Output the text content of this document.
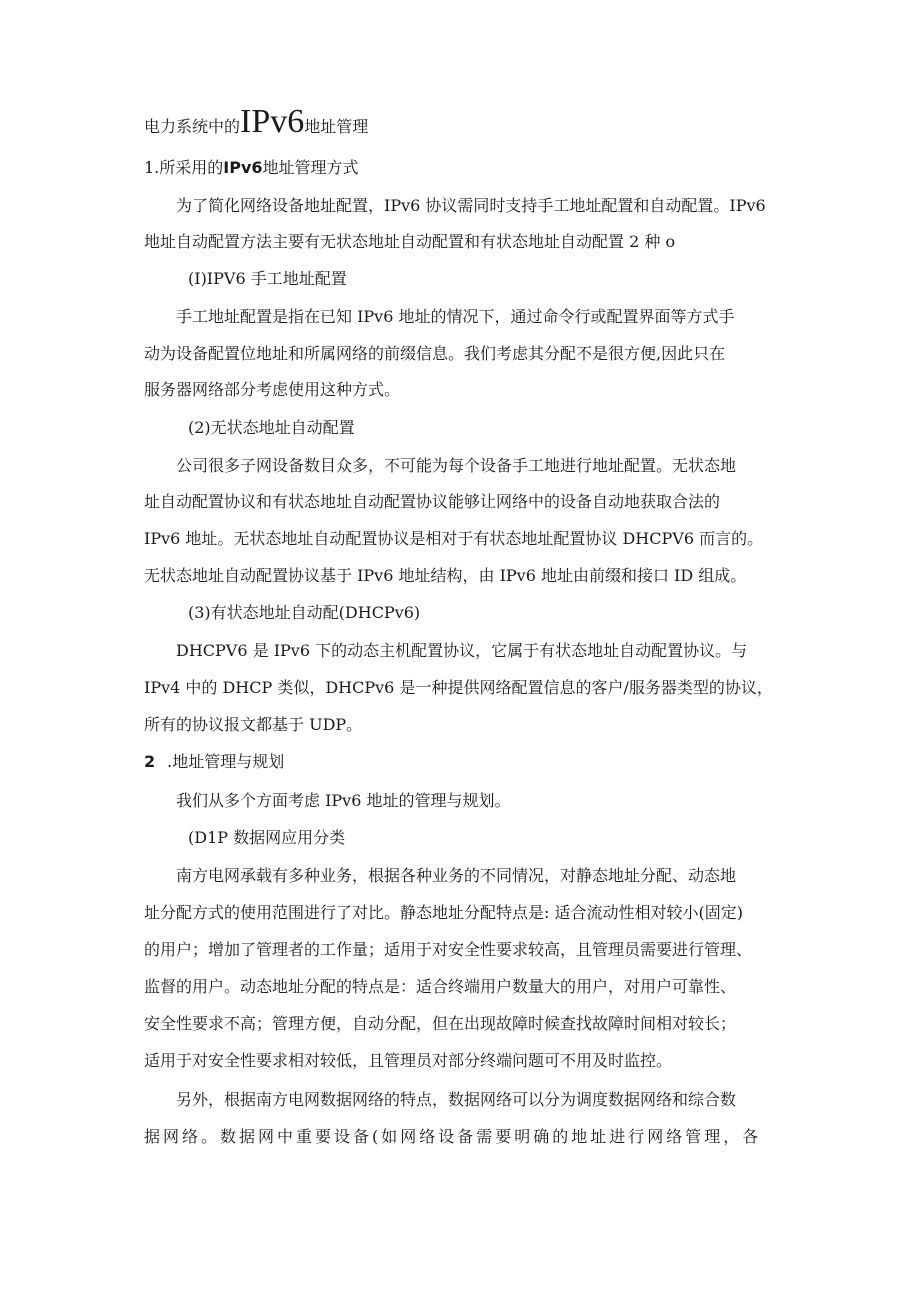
电力系统中的IPv6地址管理

1.所采用的IPv6地址管理方式

为了简化网络设备地址配置，IPv6 协议需同时支持手工地址配置和自动配置。IPv6

地址自动配置方法主要有无状态地址自动配置和有状态地址自动配置 2 种 o

(I)IPV6 手工地址配置

手工地址配置是指在已知 IPv6 地址的情况下，通过命令行或配置界面等方式手

动为设备配置位地址和所属网络的前缀信息。我们考虑其分配不是很方便,因此只在

服务器网络部分考虑使用这种方式。

(2)无状态地址自动配置

公司很多子网设备数目众多，不可能为每个设备手工地进行地址配置。无状态地

址自动配置协议和有状态地址自动配置协议能够让网络中的设备自动地获取合法的

IPv6 地址。无状态地址自动配置协议是相对于有状态地址配置协议 DHCPV6 而言的。

无状态地址自动配置协议基于 IPv6 地址结构，由 IPv6 地址由前缀和接口 ID 组成。

(3)有状态地址自动配(DHCPv6)

DHCPV6 是 IPv6 下的动态主机配置协议，它属于有状态地址自动配置协议。与

IPv4 中的 DHCP 类似，DHCPv6 是一种提供网络配置信息的客户/服务器类型的协议，

所有的协议报文都基于 UDP。

2 .地址管理与规划

我们从多个方面考虑 IPv6 地址的管理与规划。

(D1P 数据网应用分类

南方电网承载有多种业务，根据各种业务的不同情况，对静态地址分配、动态地

址分配方式的使用范围进行了对比。静态地址分配特点是: 适合流动性相对较小(固定)

的用户；增加了管理者的工作量；适用于对安全性要求较高，且管理员需要进行管理、

监督的用户。动态地址分配的特点是：适合终端用户数量大的用户，对用户可靠性、

安全性要求不高；管理方便，自动分配，但在出现故障时候查找故障时间相对较长；

适用于对安全性要求相对较低，且管理员对部分终端问题可不用及时监控。

另外，根据南方电网数据网络的特点，数据网络可以分为调度数据网络和综合数

据网络。数据网中重要设备(如网络设备需要明确的地址进行网络管理，各
